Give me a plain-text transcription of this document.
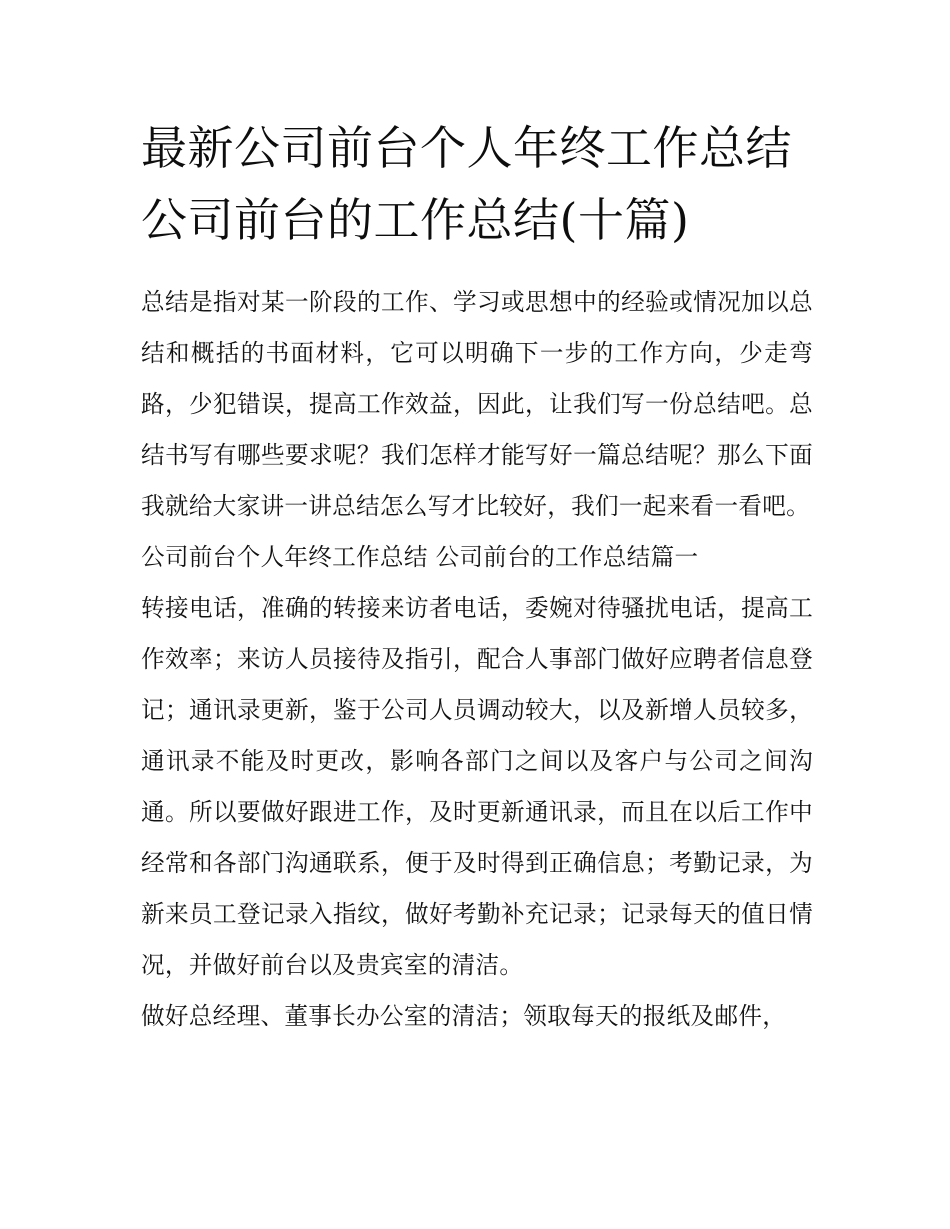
最新公司前台个人年终工作总结 公司前台的工作总结(十篇)

总结是指对某一阶段的工作、学习或思想中的经验或情况加以总结和概括的书面材料，它可以明确下一步的工作方向，少走弯路，少犯错误，提高工作效益，因此，让我们写一份总结吧。总结书写有哪些要求呢？我们怎样才能写好一篇总结呢？那么下面我就给大家讲一讲总结怎么写才比较好，我们一起来看一看吧。

公司前台个人年终工作总结 公司前台的工作总结篇一

转接电话，准确的转接来访者电话，委婉对待骚扰电话，提高工作效率；来访人员接待及指引，配合人事部门做好应聘者信息登记；通讯录更新，鉴于公司人员调动较大，以及新增人员较多，通讯录不能及时更改，影响各部门之间以及客户与公司之间沟通。所以要做好跟进工作，及时更新通讯录，而且在以后工作中经常和各部门沟通联系，便于及时得到正确信息；考勤记录，为新来员工登记录入指纹，做好考勤补充记录；记录每天的值日情况，并做好前台以及贵宾室的清洁。

做好总经理、董事长办公室的清洁；领取每天的报纸及邮件，
